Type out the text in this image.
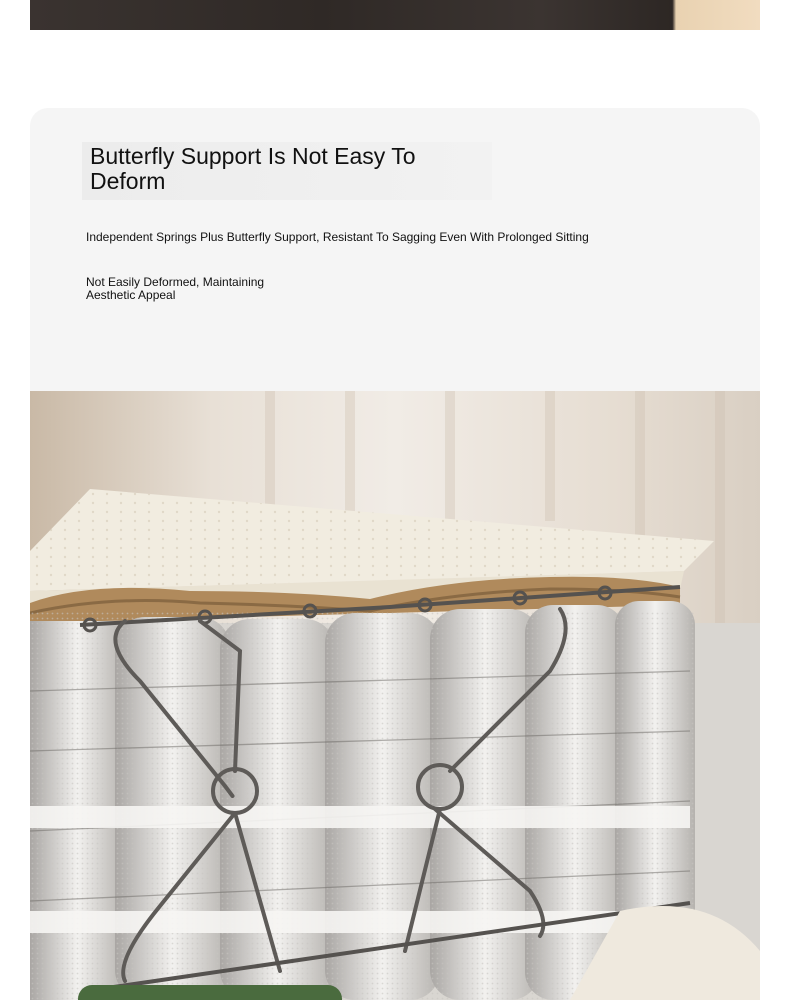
Butterfly Support Is Not Easy To Deform
Independent Springs Plus Butterfly Support, Resistant To Sagging Even With Prolonged Sitting
Not Easily Deformed, Maintaining Aesthetic Appeal
